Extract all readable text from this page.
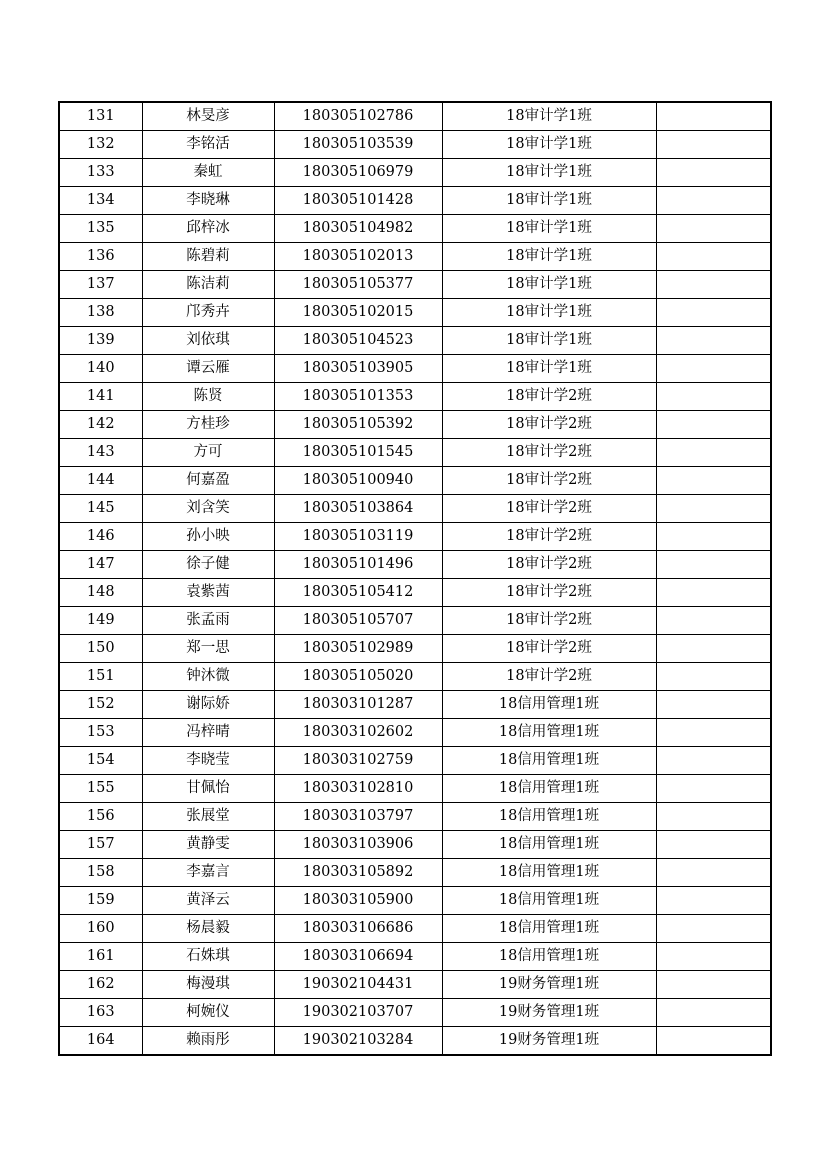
131	林旻彦	180305102786	18审计学1班	
132	李铭活	180305103539	18审计学1班	
133	秦虹	180305106979	18审计学1班	
134	李晓琳	180305101428	18审计学1班	
135	邱梓冰	180305104982	18审计学1班	
136	陈碧莉	180305102013	18审计学1班	
137	陈洁莉	180305105377	18审计学1班	
138	邝秀卉	180305102015	18审计学1班	
139	刘依琪	180305104523	18审计学1班	
140	谭云雁	180305103905	18审计学1班	
141	陈贤	180305101353	18审计学2班	
142	方桂珍	180305105392	18审计学2班	
143	方可	180305101545	18审计学2班	
144	何嘉盈	180305100940	18审计学2班	
145	刘含笑	180305103864	18审计学2班	
146	孙小映	180305103119	18审计学2班	
147	徐子健	180305101496	18审计学2班	
148	袁紫茜	180305105412	18审计学2班	
149	张孟雨	180305105707	18审计学2班	
150	郑一思	180305102989	18审计学2班	
151	钟沐微	180305105020	18审计学2班	
152	谢际娇	180303101287	18信用管理1班	
153	冯梓晴	180303102602	18信用管理1班	
154	李晓莹	180303102759	18信用管理1班	
155	甘佩怡	180303102810	18信用管理1班	
156	张展堂	180303103797	18信用管理1班	
157	黄静雯	180303103906	18信用管理1班	
158	李嘉言	180303105892	18信用管理1班	
159	黄泽云	180303105900	18信用管理1班	
160	杨晨毅	180303106686	18信用管理1班	
161	石姝琪	180303106694	18信用管理1班	
162	梅漫琪	190302104431	19财务管理1班	
163	柯婉仪	190302103707	19财务管理1班	
164	赖雨彤	190302103284	19财务管理1班	
